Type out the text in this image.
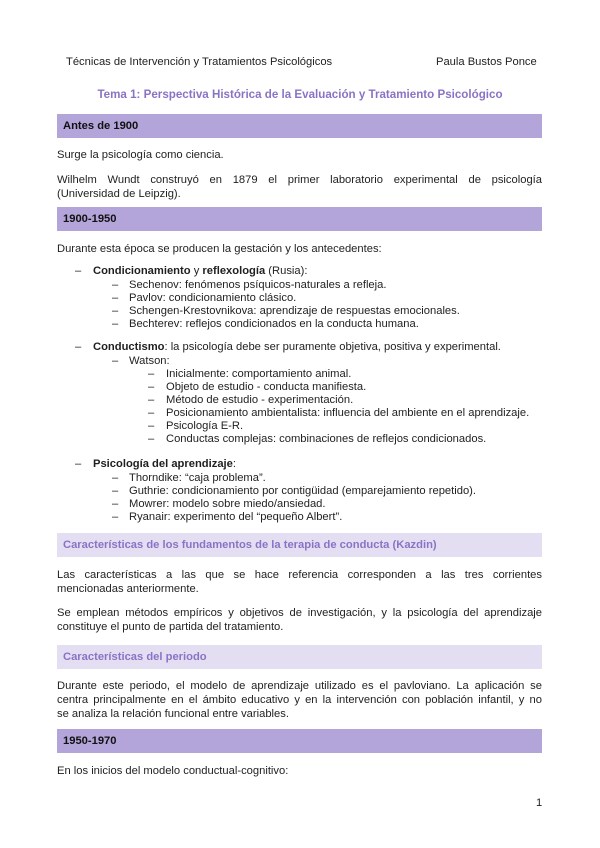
Técnicas de Intervención y Tratamientos Psicológicos	Paula Bustos Ponce
Tema 1: Perspectiva Histórica de la Evaluación y Tratamiento Psicológico
Antes de 1900
Surge la psicología como ciencia.
Wilhelm Wundt construyó en 1879 el primer laboratorio experimental de psicología
(Universidad de Leipzig).
1900-1950
Durante esta época se producen la gestación y los antecedentes:
– Condicionamiento y reflexología (Rusia):
– Sechenov: fenómenos psíquicos-naturales a refleja.
– Pavlov: condicionamiento clásico.
– Schengen-Krestovnikova: aprendizaje de respuestas emocionales.
– Bechterev: reflejos condicionados en la conducta humana.
– Conductismo: la psicología debe ser puramente objetiva, positiva y experimental.
– Watson:
– Inicialmente: comportamiento animal.
– Objeto de estudio - conducta manifiesta.
– Método de estudio - experimentación.
– Posicionamiento ambientalista: influencia del ambiente en el aprendizaje.
– Psicología E-R.
– Conductas complejas: combinaciones de reflejos condicionados.
– Psicología del aprendizaje:
– Thorndike: “caja problema”.
– Guthrie: condicionamiento por contigüidad (emparejamiento repetido).
– Mowrer: modelo sobre miedo/ansiedad.
– Ryanair: experimento del “pequeño Albert”.
Características de los fundamentos de la terapia de conducta (Kazdin)
Las características a las que se hace referencia corresponden a las tres corrientes
mencionadas anteriormente.
Se emplean métodos empíricos y objetivos de investigación, y la psicología del aprendizaje
constituye el punto de partida del tratamiento.
Características del periodo
Durante este periodo, el modelo de aprendizaje utilizado es el pavloviano. La aplicación se
centra principalmente en el ámbito educativo y en la intervención con población infantil, y no
se analiza la relación funcional entre variables.
1950-1970
En los inicios del modelo conductual-cognitivo:
1
